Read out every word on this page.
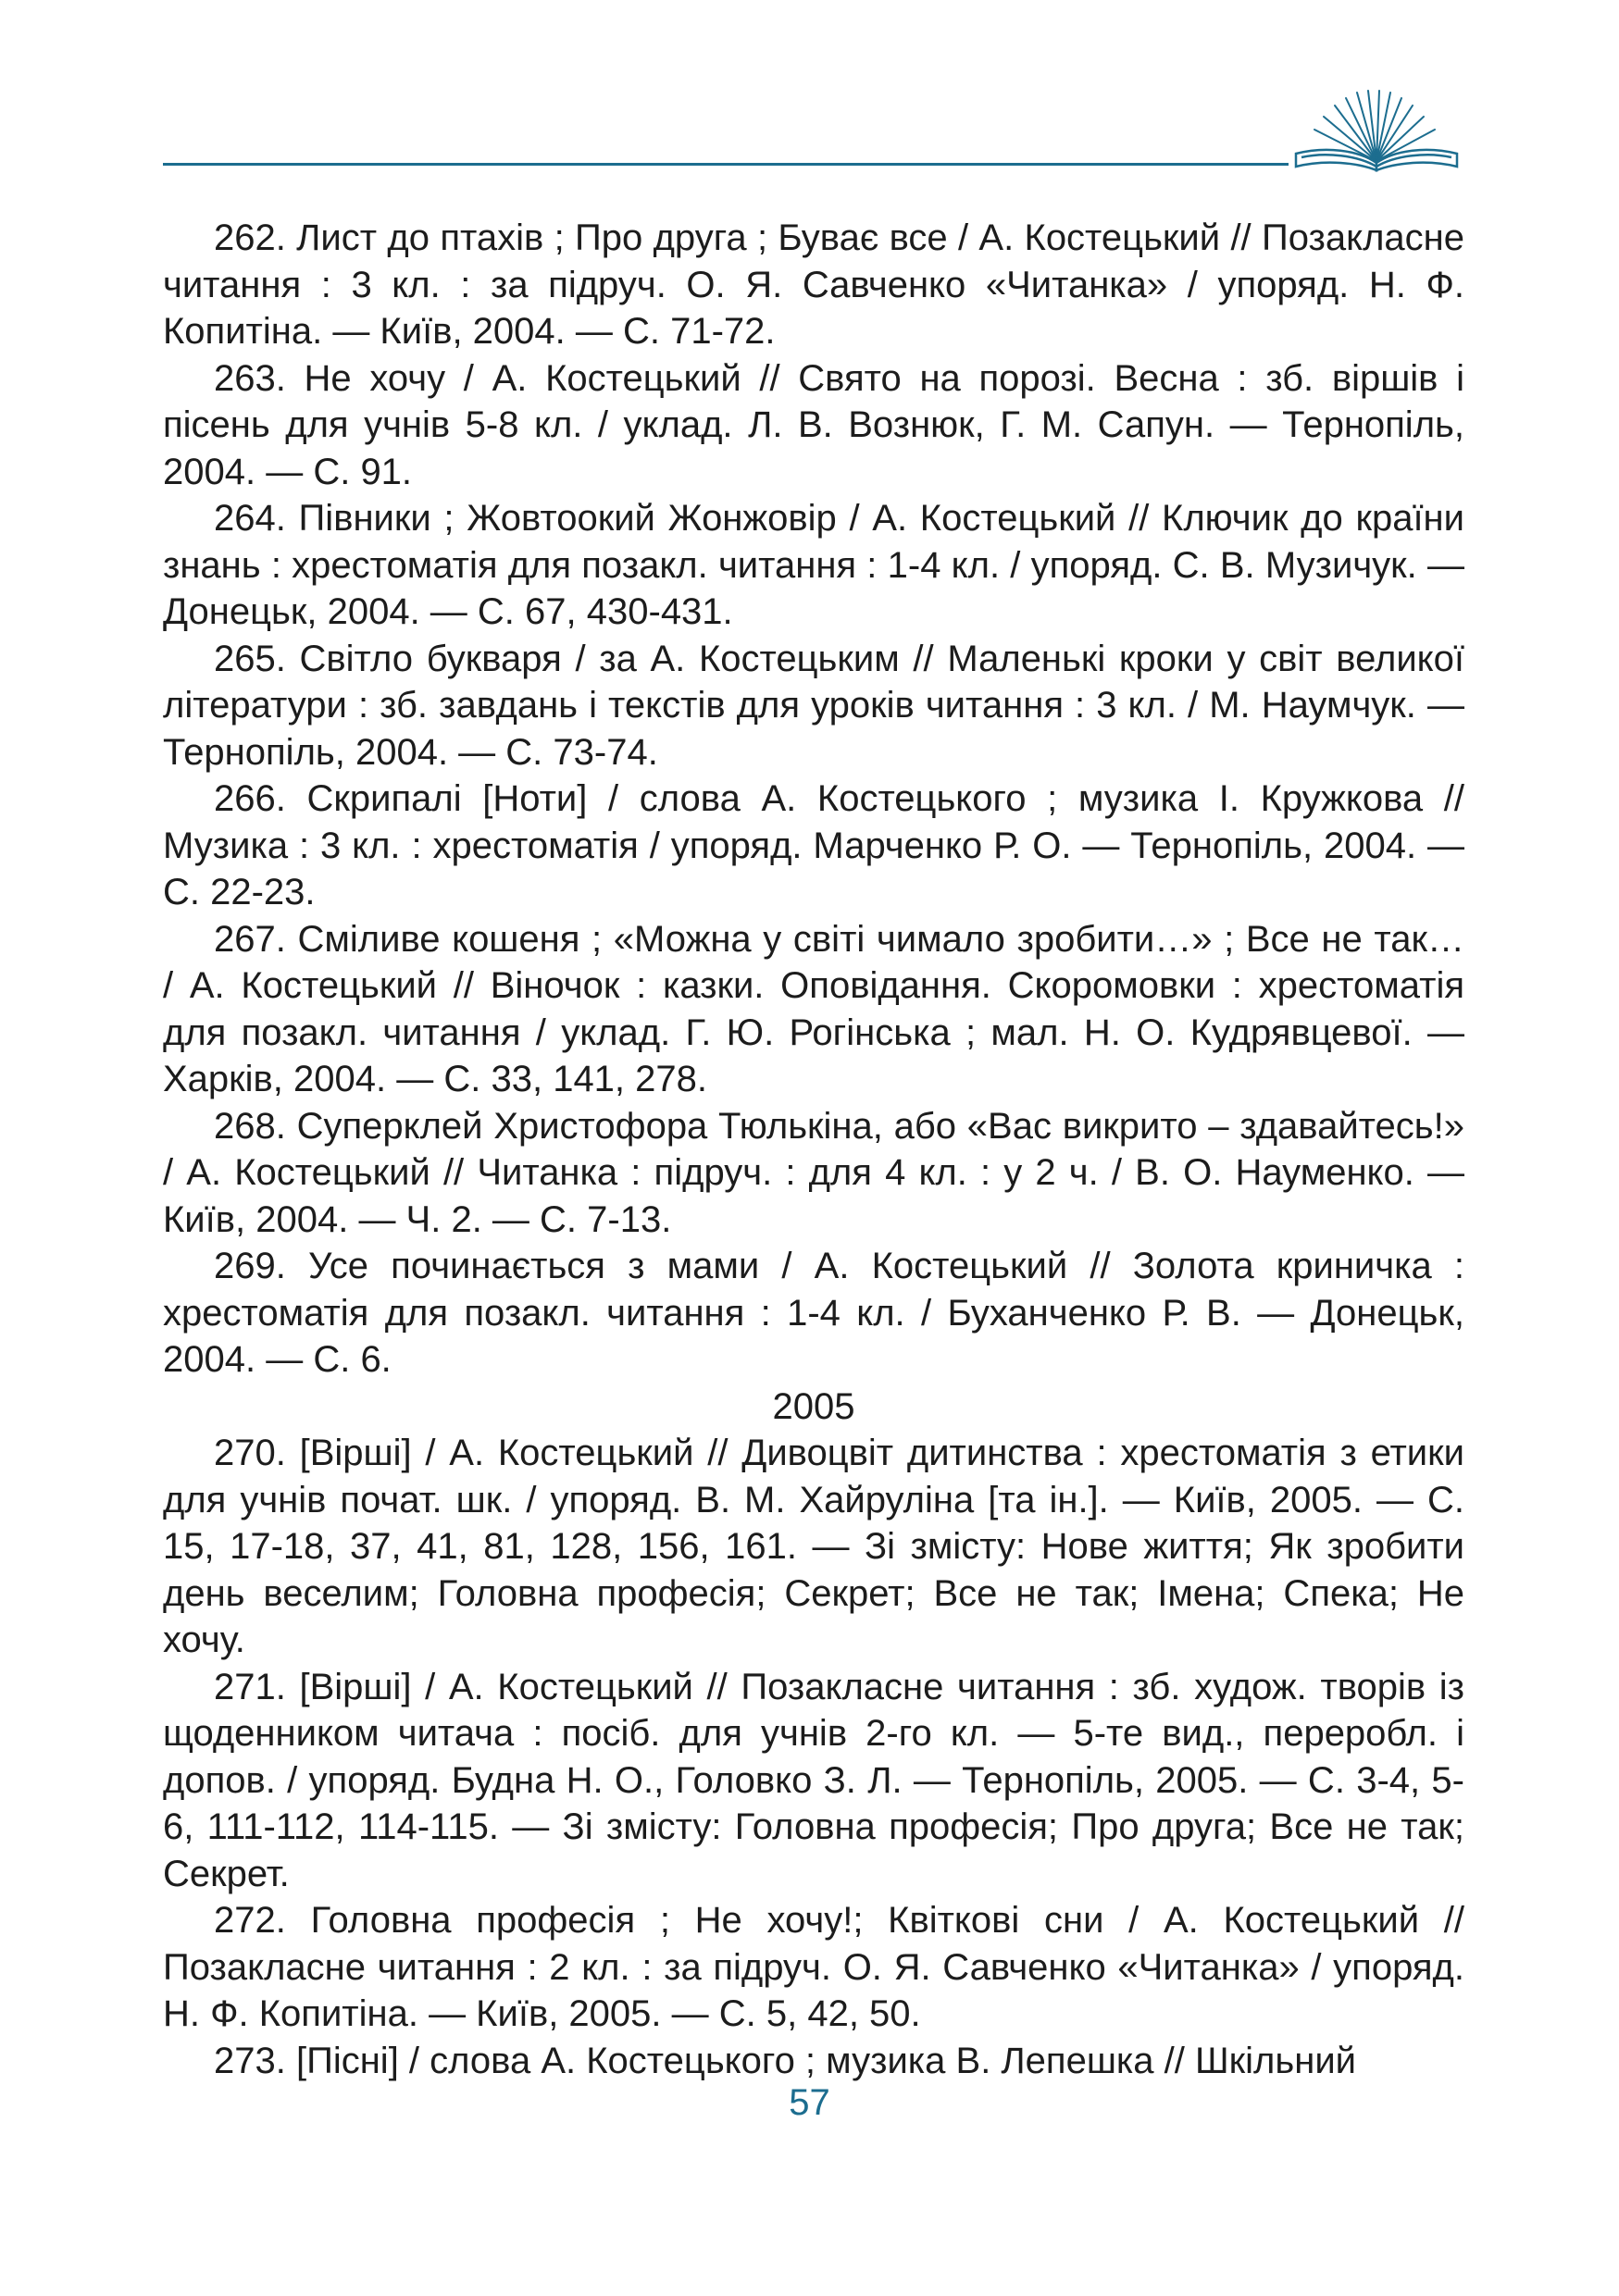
262. Лист до птахів ; Про друга ; Буває все / А. Костецький // Позакласне читання : 3 кл. : за підруч. О. Я. Савченко «Читанка» / упоряд. Н. Ф. Копитіна. — Київ, 2004. — С. 71-72.

263. Не хочу / А. Костецький // Свято на порозі. Весна : зб. віршів і пісень для учнів 5-8 кл. / уклад. Л. В. Вознюк, Г. М. Сапун. — Тернопіль, 2004. — С. 91.

264. Півники ; Жовтоокий Жонжовір / А. Костецький // Ключик до країни знань : хрестоматія для позакл. читання : 1-4 кл. / упоряд. С. В. Музичук. — Донецьк, 2004. — С. 67, 430-431.

265. Світло букваря / за А. Костецьким // Маленькі кроки у світ великої літератури : зб. завдань і текстів для уроків читання : 3 кл. / М. Наумчук. — Тернопіль, 2004. — С. 73-74.

266. Скрипалі [Ноти] / слова А. Костецького ; музика І. Кружкова // Музика : 3 кл. : хрестоматія / упоряд. Марченко Р. О. — Тернопіль, 2004. — С. 22-23.

267. Сміливе кошеня ; «Можна у світі чимало зробити…» ; Все не так… / А. Костецький // Віночок : казки. Оповідання. Скоромовки : хрестоматія для позакл. читання / уклад. Г. Ю. Рогінська ; мал. Н. О. Кудрявцевої. — Харків, 2004. — С. 33, 141, 278.

268. Суперклей Христофора Тюлькіна, або «Вас викрито – здавайтесь!» / А. Костецький // Читанка : підруч. : для 4 кл. : у 2 ч. / В. О. Науменко. — Київ, 2004. — Ч. 2. — С. 7-13.

269. Усе починається з мами / А. Костецький // Золота криничка : хрестоматія для позакл. читання : 1-4 кл. / Буханченко Р. В. — Донецьк, 2004. — С. 6.

2005

270. [Вірші] / А. Костецький // Дивоцвіт дитинства : хрестоматія з етики для учнів почат. шк. / упоряд. В. М. Хайруліна [та ін.]. — Київ, 2005. — С. 15, 17-18, 37, 41, 81, 128, 156, 161. — Зі змісту: Нове життя; Як зробити день веселим; Головна професія; Секрет; Все не так; Імена; Спека; Не хочу.

271. [Вірші] / А. Костецький // Позакласне читання : зб. худож. творів із щоденником читача : посіб. для учнів 2-го кл. — 5-те вид., переробл. і допов. / упоряд. Будна Н. О., Головко З. Л. — Тернопіль, 2005. — С. 3-4, 5-6, 111-112, 114-115. — Зі змісту: Головна професія; Про друга; Все не так; Секрет.

272. Головна професія ; Не хочу!; Квіткові сни / А. Костецький // Позакласне читання : 2 кл. : за підруч. О. Я. Савченко «Читанка» / упоряд. Н. Ф. Копитіна. — Київ, 2005. — С. 5, 42, 50.

273. [Пісні] / слова А. Костецького ; музика В. Лепешка // Шкільний

57
